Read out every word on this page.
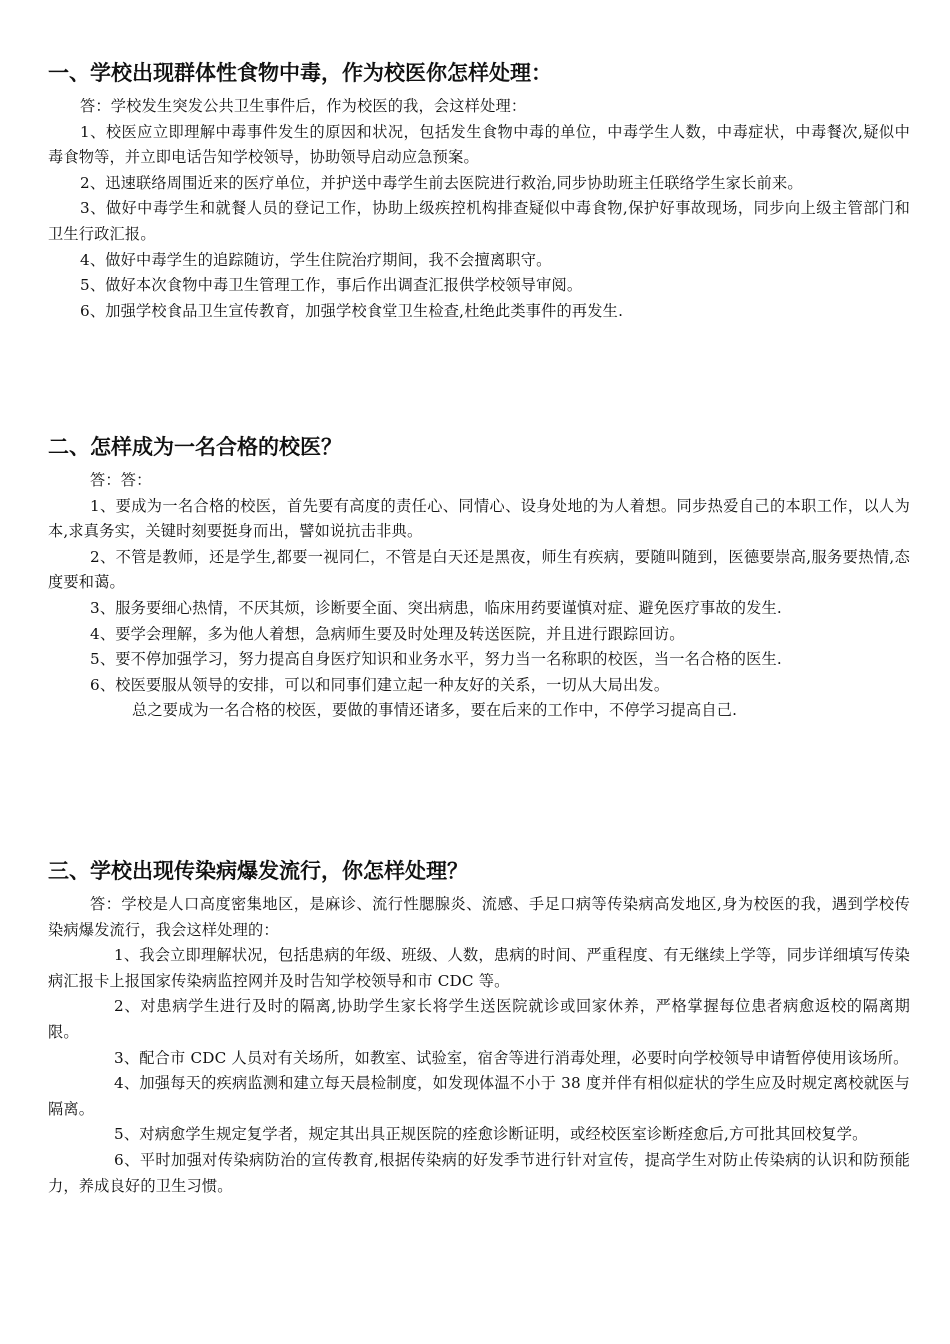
一、学校出现群体性食物中毒，作为校医你怎样处理：

答：学校发生突发公共卫生事件后，作为校医的我，会这样处理：

1、校医应立即理解中毒事件发生的原因和状况，包括发生食物中毒的单位，中毒学生人数，中毒症状，中毒餐次,疑似中毒食物等，并立即电话告知学校领导，协助领导启动应急预案。

2、迅速联络周围近来的医疗单位，并护送中毒学生前去医院进行救治,同步协助班主任联络学生家长前来。

3、做好中毒学生和就餐人员的登记工作，协助上级疾控机构排查疑似中毒食物,保护好事故现场，同步向上级主管部门和卫生行政汇报。

4、做好中毒学生的追踪随访，学生住院治疗期间，我不会擅离职守。

5、做好本次食物中毒卫生管理工作，事后作出调查汇报供学校领导审阅。

6、加强学校食品卫生宣传教育，加强学校食堂卫生检查,杜绝此类事件的再发生.

二、怎样成为一名合格的校医？

答：答：

1、要成为一名合格的校医，首先要有高度的责任心、同情心、设身处地的为人着想。同步热爱自己的本职工作，以人为本,求真务实，关键时刻要挺身而出，譬如说抗击非典。

2、不管是教师，还是学生,都要一视同仁，不管是白天还是黑夜，师生有疾病，要随叫随到，医德要崇高,服务要热情,态度要和蔼。

3、服务要细心热情，不厌其烦，诊断要全面、突出病患，临床用药要谨慎对症、避免医疗事故的发生.

4、要学会理解，多为他人着想，急病师生要及时处理及转送医院，并且进行跟踪回访。

5、要不停加强学习，努力提高自身医疗知识和业务水平，努力当一名称职的校医，当一名合格的医生.

6、校医要服从领导的安排，可以和同事们建立起一种友好的关系，一切从大局出发。

总之要成为一名合格的校医，要做的事情还诸多，要在后来的工作中，不停学习提高自己.

三、学校出现传染病爆发流行，你怎样处理？

答：学校是人口高度密集地区，是麻诊、流行性腮腺炎、流感、手足口病等传染病高发地区,身为校医的我，遇到学校传染病爆发流行，我会这样处理的：

1、我会立即理解状况，包括患病的年级、班级、人数，患病的时间、严重程度、有无继续上学等，同步详细填写传染病汇报卡上报国家传染病监控网并及时告知学校领导和市 CDC 等。

2、对患病学生进行及时的隔离,协助学生家长将学生送医院就诊或回家休养，严格掌握每位患者病愈返校的隔离期限。

3、配合市 CDC 人员对有关场所，如教室、试验室，宿舍等进行消毒处理，必要时向学校领导申请暂停使用该场所。

4、加强每天的疾病监测和建立每天晨检制度，如发现体温不小于 38 度并伴有相似症状的学生应及时规定离校就医与隔离。

5、对病愈学生规定复学者，规定其出具正规医院的痊愈诊断证明，或经校医室诊断痊愈后,方可批其回校复学。

6、平时加强对传染病防治的宣传教育,根据传染病的好发季节进行针对宣传，提高学生对防止传染病的认识和防预能力，养成良好的卫生习惯。
